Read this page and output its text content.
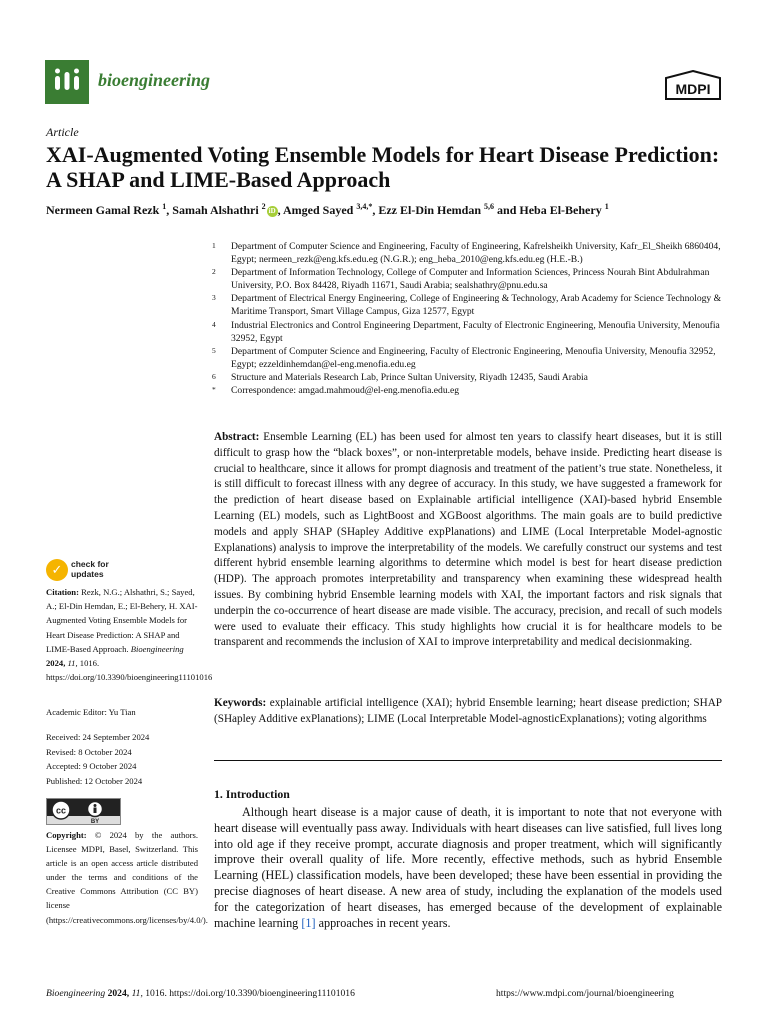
bioengineering	MDPI
Article
XAI-Augmented Voting Ensemble Models for Heart Disease Prediction: A SHAP and LIME-Based Approach
Nermeen Gamal Rezk $^1$, Samah Alshathri $^2$ iD , Amged Sayed $^{3,4,*}$, Ezz El-Din Hemdan $^{5,6}$ and Heba El-Behery $^1$
1 Department of Computer Science and Engineering, Faculty of Engineering, Kafrelsheikh University, Kafr_El_Sheikh 6860404, Egypt; nermeen_rezk@eng.kfs.edu.eg (N.G.R.); eng_heba_2010@eng.kfs.edu.eg (H.E.-B.)
2 Department of Information Technology, College of Computer and Information Sciences, Princess Nourah Bint Abdulrahman University, P.O. Box 84428, Riyadh 11671, Saudi Arabia; sealshathry@pnu.edu.sa
3 Department of Electrical Energy Engineering, College of Engineering & Technology, Arab Academy for Science Technology & Maritime Transport, Smart Village Campus, Giza 12577, Egypt
4 Industrial Electronics and Control Engineering Department, Faculty of Electronic Engineering, Menoufia University, Menoufia 32952, Egypt
5 Department of Computer Science and Engineering, Faculty of Electronic Engineering, Menoufia University, Menoufia 32952, Egypt; ezzeldinhemdan@el-eng.menofia.edu.eg
6 Structure and Materials Research Lab, Prince Sultan University, Riyadh 12435, Saudi Arabia
* Correspondence: amgad.mahmoud@el-eng.menofia.edu.eg
Abstract: Ensemble Learning (EL) has been used for almost ten years to classify heart diseases, but it is still difficult to grasp how the “black boxes”, or non-interpretable models, behave inside. Predicting heart disease is crucial to healthcare, since it allows for prompt diagnosis and treatment of the patient’s true state. Nonetheless, it is still difficult to forecast illness with any degree of accuracy. In this study, we have suggested a framework for the prediction of heart disease based on Explainable artificial intelligence (XAI)-based hybrid Ensemble Learning (EL) models, such as LightBoost and XGBoost algorithms. The main goals are to build predictive models and apply SHAP (SHapley Additive expPlanations) and LIME (Local Interpretable Model-agnostic Explanations) analysis to improve the interpretability of the models. We carefully construct our systems and test different hybrid ensemble learning algorithms to determine which model is best for heart disease prediction (HDP). The approach promotes interpretability and transparency when examining these widespread health issues. By combining hybrid Ensemble learning models with XAI, the important factors and risk signals that underpin the co-occurrence of heart disease are made visible. The accuracy, precision, and recall of such models were used to evaluate their efficacy. This study highlights how crucial it is for healthcare models to be transparent and recommends the inclusion of XAI to improve interpretability and medical decisionmaking.
Keywords: explainable artificial intelligence (XAI); hybrid Ensemble learning; heart disease prediction; SHAP (SHapley Additive exPlanations); LIME (Local Interpretable Model-agnosticExplanations); voting algorithms
✓	check for
updates
Citation: Rezk, N.G.; Alshathri, S.; Sayed, A.; El-Din Hemdan, E.; El-Behery, H. XAI-Augmented Voting Ensemble Models for Heart Disease Prediction: A SHAP and LIME-Based Approach. Bioengineering 2024, 11, 1016. https://doi.org/10.3390/bioengineering11101016
Academic Editor: Yu Tian
Received: 24 September 2024
Revised: 8 October 2024
Accepted: 9 October 2024
Published: 12 October 2024
cc
BY
Copyright: © 2024 by the authors. Licensee MDPI, Basel, Switzerland. This article is an open access article distributed under the terms and conditions of the Creative Commons Attribution (CC BY) license (https://creativecommons.org/licenses/by/4.0/).
1. Introduction
Although heart disease is a major cause of death, it is important to note that not everyone with heart disease will eventually pass away. Individuals with heart diseases can live satisfied, full lives long into old age if they receive prompt, accurate diagnosis and proper treatment, which will significantly improve their overall quality of life. More recently, effective methods, such as hybrid Ensemble Learning (HEL) classification models, have been developed; these have been essential in providing the precise diagnoses of heart disease. A new area of study, including the explanation of the models used for the categorization of heart diseases, has emerged because of the development of explainable machine learning [1] approaches in recent years.
Bioengineering 2024, 11, 1016. https://doi.org/10.3390/bioengineering11101016	https://www.mdpi.com/journal/bioengineering
